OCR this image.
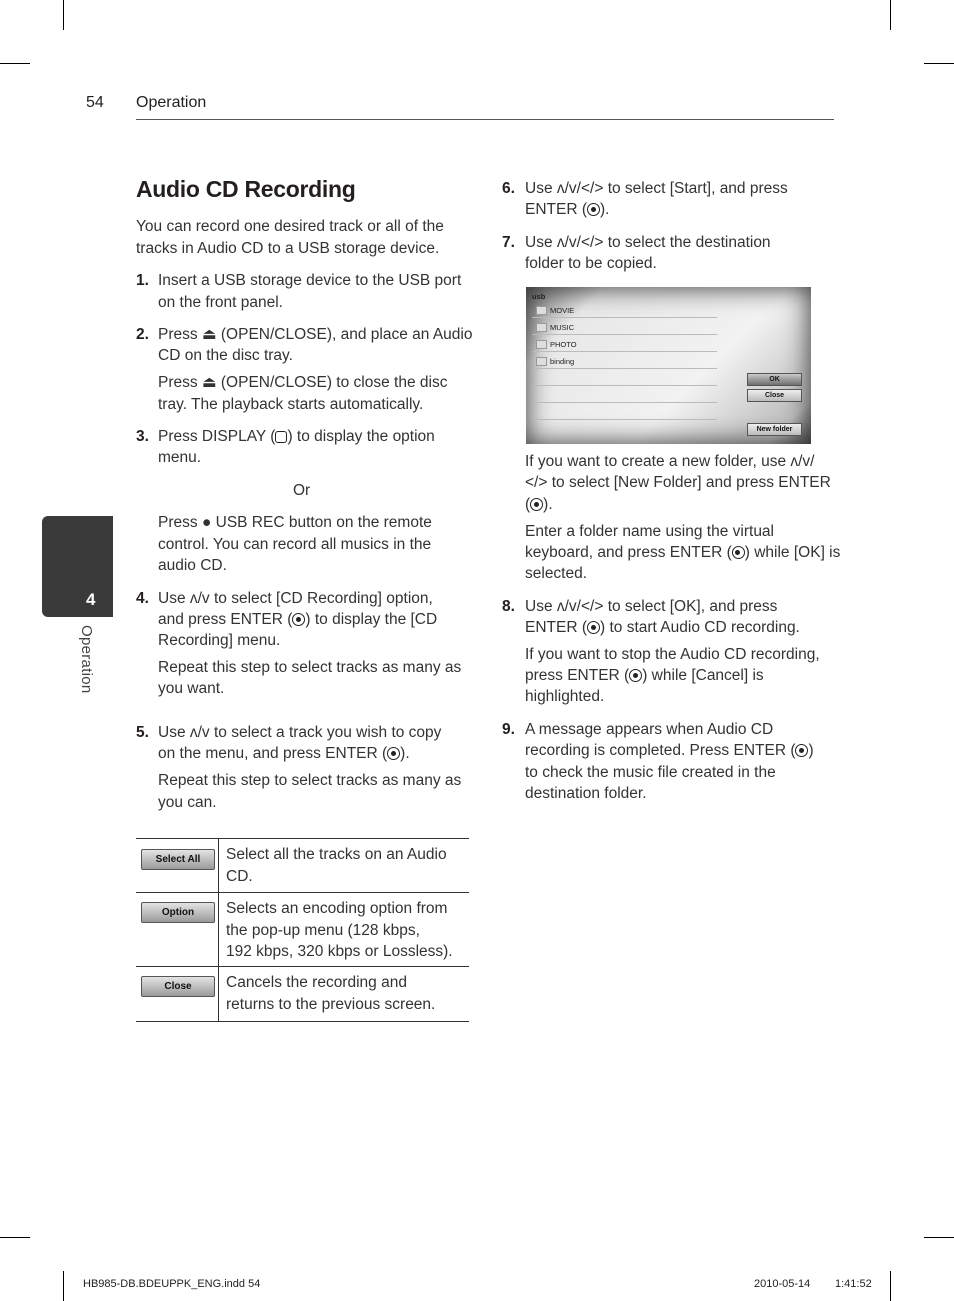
54 Operation
4
Operation
Audio CD Recording

You can record one desired track or all of the tracks in Audio CD to a USB storage device.

1. Insert a USB storage device to the USB port
on the front panel.
2. Press ⏏ (OPEN/CLOSE), and place an Audio
CD on the disc tray.
Press ⏏ (OPEN/CLOSE) to close the disc
tray. The playback starts automatically.
3. Press DISPLAY ( ) to display the option
menu.
Or
Press ● USB REC button on the remote
control. You can record all musics in the
audio CD.
4. Use ʌ/v to select [CD Recording] option,
and press ENTER ( ) to display the [CD
Recording] menu.
Repeat this step to select tracks as many as
you want.
5. Use ʌ/v to select a track you wish to copy
on the menu, and press ENTER ( ).
Repeat this step to select tracks as many as
you can.
Select All	Select all the tracks on an Audio
CD.
Option	Selects an encoding option from
the pop-up menu (128 kbps,
192 kbps, 320 kbps or Lossless).
Close	Cancels the recording and
returns to the previous screen.
6. Use ʌ/v/</> to select [Start], and press
ENTER ( ).
7. Use ʌ/v/</> to select the destination
folder to be copied.
usb
MOVIE
MUSIC
PHOTO
binding
OK
Close
New folder
If you want to create a new folder, use ʌ/v/
</> to select [New Folder] and press ENTER
( ).
Enter a folder name using the virtual
keyboard, and press ENTER ( ) while [OK] is
selected.
8. Use ʌ/v/</> to select [OK], and press
ENTER ( ) to start Audio CD recording.
If you want to stop the Audio CD recording,
press ENTER ( ) while [Cancel] is
highlighted.
9. A message appears when Audio CD
recording is completed. Press ENTER ( )
to check the music file created in the
destination folder.
HB985-DB.BDEUPPK_ENG.indd 54	2010-05-14 1:41:52
